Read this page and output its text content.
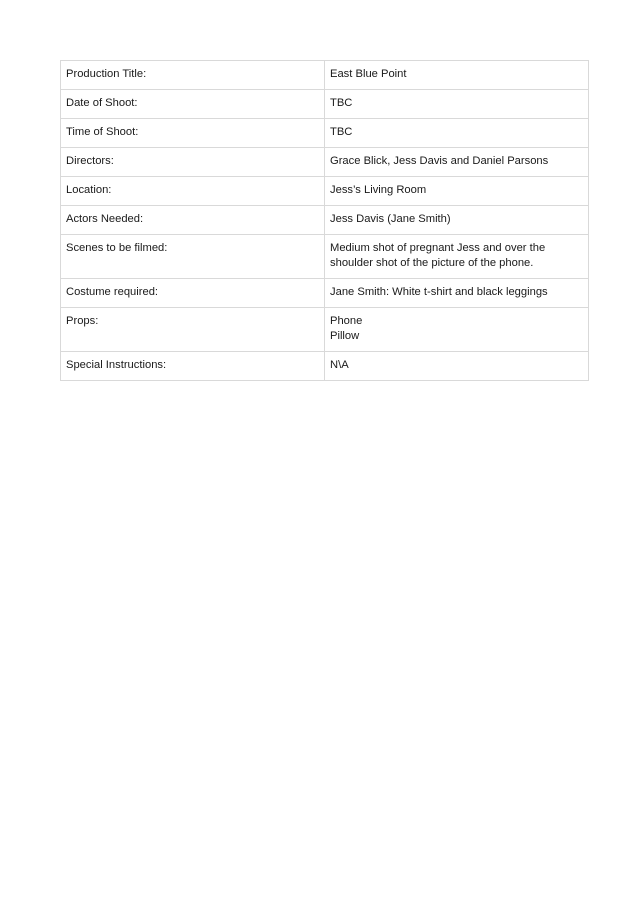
Production Title:	East Blue Point

Date of Shoot:	TBC

Time of Shoot:	TBC

Directors:	Grace Blick, Jess Davis and Daniel Parsons

Location:	Jess’s Living Room

Actors Needed:	Jess Davis (Jane Smith)

Scenes to be filmed:	Medium shot of pregnant Jess and over the
shoulder shot of the picture of the phone.

Costume required:	Jane Smith: White t-shirt and black leggings

Props:	Phone
Pillow

Special Instructions:	N\A
